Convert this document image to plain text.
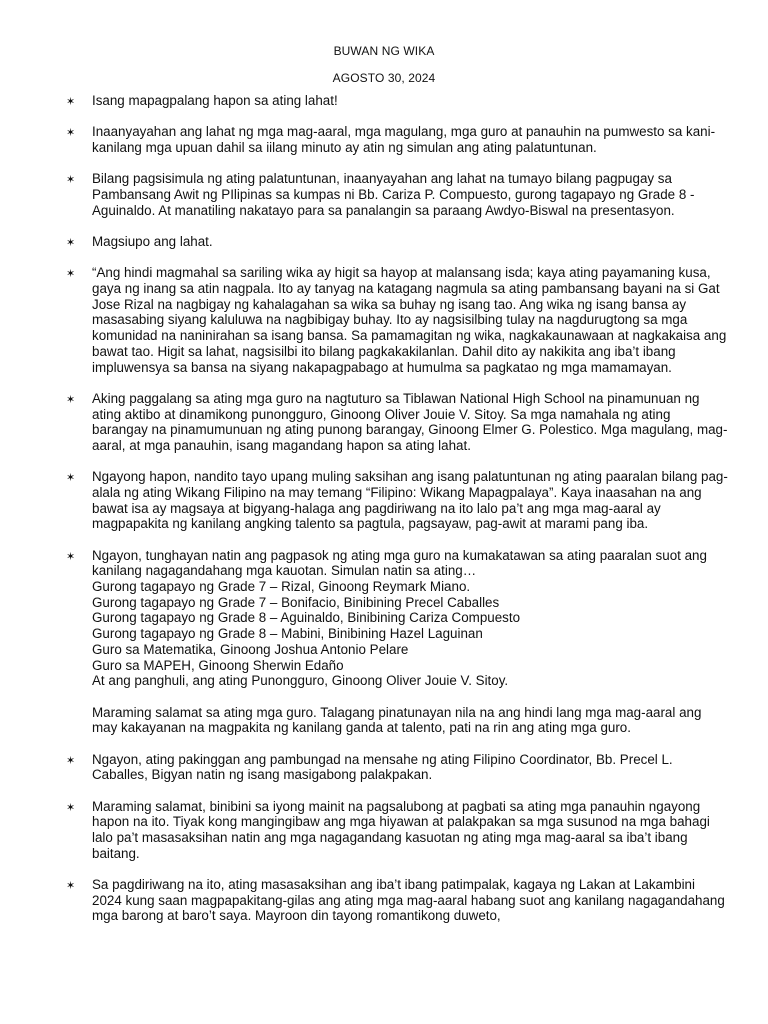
BUWAN NG WIKA
AGOSTO 30, 2024
✶ Isang mapagpalang hapon sa ating lahat!

✶ Inaanyayahan ang lahat ng mga mag-aaral, mga magulang, mga guro at panauhin na pumwesto sa kani-kanilang mga upuan dahil sa iilang minuto ay atin ng simulan ang ating palatuntunan.

✶ Bilang pagsisimula ng ating palatuntunan, inaanyayahan ang lahat na tumayo bilang pagpugay sa Pambansang Awit ng PIlipinas sa kumpas ni Bb. Cariza P. Compuesto, gurong tagapayo ng Grade 8 - Aguinaldo. At manatiling nakatayo para sa panalangin sa paraang Awdyo-Biswal na presentasyon.

✶ Magsiupo ang lahat.

✶ “Ang hindi magmahal sa sariling wika ay higit sa hayop at malansang isda; kaya ating payamaning kusa, gaya ng inang sa atin nagpala. Ito ay tanyag na katagang nagmula sa ating pambansang bayani na si Gat Jose Rizal na nagbigay ng kahalagahan sa wika sa buhay ng isang tao. Ang wika ng isang bansa ay masasabing siyang kaluluwa na nagbibigay buhay. Ito ay nagsisilbing tulay na nagdurugtong sa mga komunidad na naninirahan sa isang bansa. Sa pamamagitan ng wika, nagkakaunawaan at nagkakaisa ang bawat tao. Higit sa lahat, nagsisilbi ito bilang pagkakakilanlan. Dahil dito ay nakikita ang iba’t ibang impluwensya sa bansa na siyang nakapagpabago at humulma sa pagkatao ng mga mamamayan.

✶ Aking paggalang sa ating mga guro na nagtuturo sa Tiblawan National High School na pinamunuan ng ating aktibo at dinamikong punongguro, Ginoong Oliver Jouie V. Sitoy. Sa mga namahala ng ating barangay na pinamumunuan ng ating punong barangay, Ginoong Elmer G. Polestico. Mga magulang, mag-aaral, at mga panauhin, isang magandang hapon sa ating lahat.

✶ Ngayong hapon, nandito tayo upang muling saksihan ang isang palatuntunan ng ating paaralan bilang pag-alala ng ating Wikang Filipino na may temang “Filipino: Wikang Mapagpalaya”. Kaya inaasahan na ang bawat isa ay magsaya at bigyang-halaga ang pagdiriwang na ito lalo pa’t ang mga mag-aaral ay magpapakita ng kanilang angking talento sa pagtula, pagsayaw, pag-awit at marami pang iba.

✶ Ngayon, tunghayan natin ang pagpasok ng ating mga guro na kumakatawan sa ating paaralan suot ang kanilang nagagandahang mga kauotan. Simulan natin sa ating…

Gurong tagapayo ng Grade 7 – Rizal, Ginoong Reymark Miano.
Gurong tagapayo ng Grade 7 – Bonifacio, Binibining Precel Caballes
Gurong tagapayo ng Grade 8 – Aguinaldo, Binibining Cariza Compuesto
Gurong tagapayo ng Grade 8 – Mabini, Binibining Hazel Laguinan
Guro sa Matematika, Ginoong Joshua Antonio Pelare
Guro sa MAPEH, Ginoong Sherwin Edaño
At ang panghuli, ang ating Punongguro, Ginoong Oliver Jouie V. Sitoy.
Maraming salamat sa ating mga guro. Talagang pinatunayan nila na ang hindi lang mga mag-aaral ang may kakayanan na magpakita ng kanilang ganda at talento, pati na rin ang ating mga guro.
✶ Ngayon, ating pakinggan ang pambungad na mensahe ng ating Filipino Coordinator, Bb. Precel L. Caballes, Bigyan natin ng isang masigabong palakpakan.

✶ Maraming salamat, binibini sa iyong mainit na pagsalubong at pagbati sa ating mga panauhin ngayong hapon na ito. Tiyak kong mangingibaw ang mga hiyawan at palakpakan sa mga susunod na mga bahagi lalo pa’t masasaksihan natin ang mga nagagandang kasuotan ng ating mga mag-aaral sa iba’t ibang baitang.

✶ Sa pagdiriwang na ito, ating masasaksihan ang iba’t ibang patimpalak, kagaya ng Lakan at Lakambini 2024 kung saan magpapakitang-gilas ang ating mga mag-aaral habang suot ang kanilang nagagandahang mga barong at baro’t saya. Mayroon din tayong romantikong duweto,
